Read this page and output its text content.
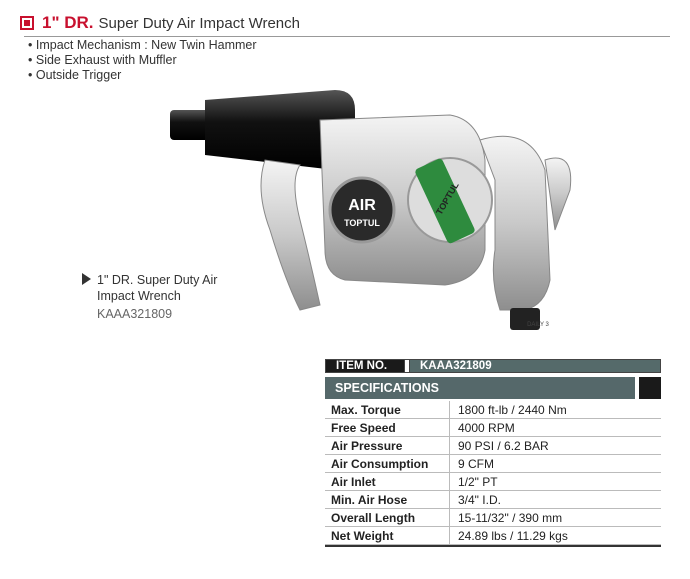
1" DR. Super Duty Air Impact Wrench
• Impact Mechanism : New Twin Hammer
• Side Exhaust with Muffler
• Outside Trigger
AIR
TOPTUL
TOPTUL
DAILY 3
1" DR. Super Duty Air
Impact Wrench
KAAA321809
ITEM NO.	KAAA321809
SPECIFICATIONS
Max. Torque	1800 ft-lb / 2440 Nm
Free Speed	4000 RPM
Air Pressure	90 PSI / 6.2 BAR
Air Consumption	9 CFM
Air Inlet	1/2" PT
Min. Air Hose	3/4" I.D.
Overall Length	15-11/32" / 390 mm
Net Weight	24.89 lbs / 11.29 kgs
